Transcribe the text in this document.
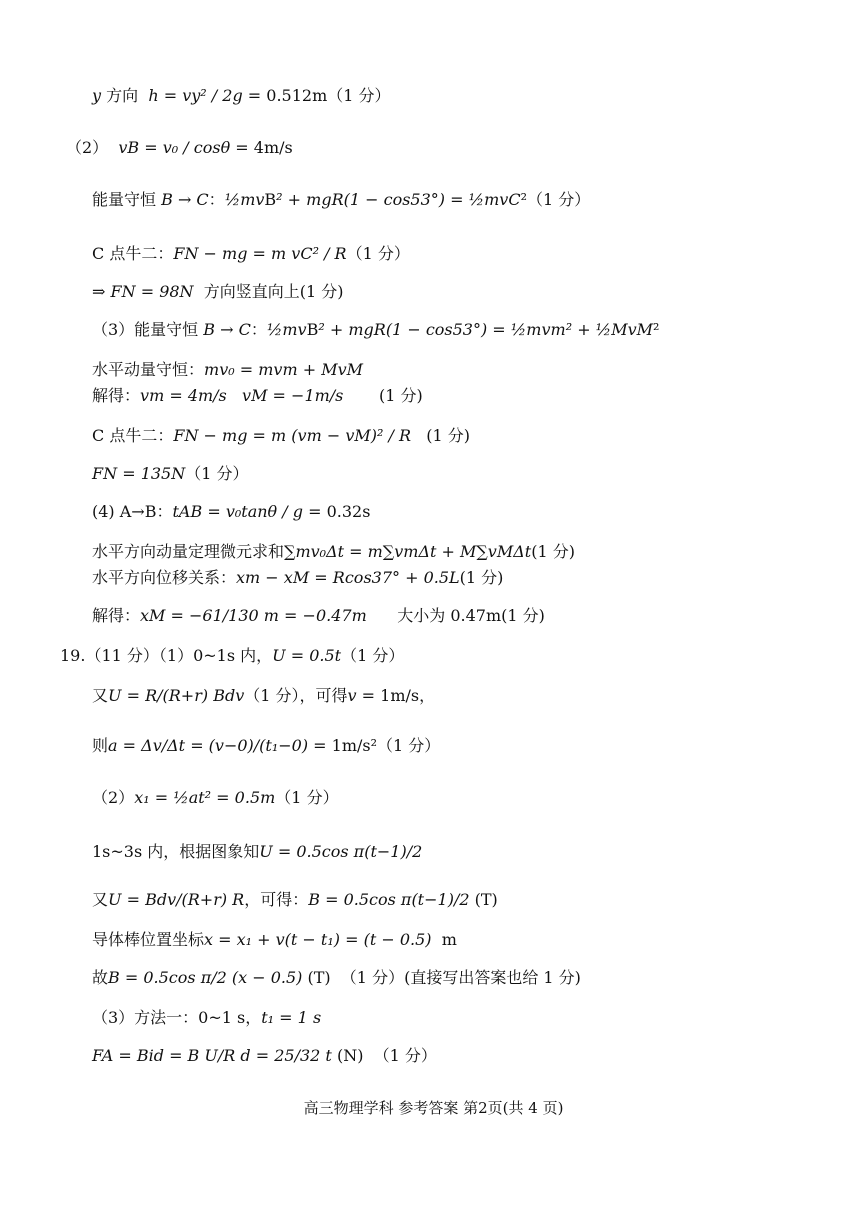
y 方向  h = vy² / 2g = 0.512m（1 分）
（2）  vB = v₀ / cosθ = 4m/s
能量守恒 B → C：½mvB² + mgR(1 − cos53°) = ½mvC²（1 分）
C 点牛二：FN − mg = m vC² / R（1 分）
⇒ FN = 98N  方向竖直向上(1 分)
（3）能量守恒 B → C：½mvB² + mgR(1 − cos53°) = ½mvm² + ½MvM²
水平动量守恒：mv₀ = mvm + MvM
解得：vm = 4m/s   vM = −1m/s       (1 分)
C 点牛二：FN − mg = m (vm − vM)² / R   (1 分)
FN = 135N（1 分）
(4) A→B：tAB = v₀tanθ / g = 0.32s
水平方向动量定理微元求和∑mv₀Δt = m∑vmΔt + M∑vMΔt(1 分)
水平方向位移关系：xm − xM = Rcos37° + 0.5L(1 分)
解得：xM = −61/130 m = −0.47m      大小为 0.47m(1 分)
19.（11 分）（1）0~1s 内，U = 0.5t（1 分）
又U = R/(R+r) Bdv（1 分），可得v = 1m/s，
则a = Δv/Δt = (v−0)/(t₁−0) = 1m/s²（1 分）
（2）x₁ = ½at² = 0.5m（1 分）
1s~3s 内，根据图象知U = 0.5cos π(t−1)/2
又U = Bdv/(R+r) R，可得：B = 0.5cos π(t−1)/2 (T)
导体棒位置坐标x = x₁ + v(t − t₁) = (t − 0.5)  m
故B = 0.5cos π/2 (x − 0.5) (T)  （1 分）(直接写出答案也给 1 分)
（3）方法一：0~1 s，t₁ = 1 s
FA = Bid = B U/R d = 25/32 t (N)  （1 分）
高三物理学科 参考答案 第2页(共 4 页)
